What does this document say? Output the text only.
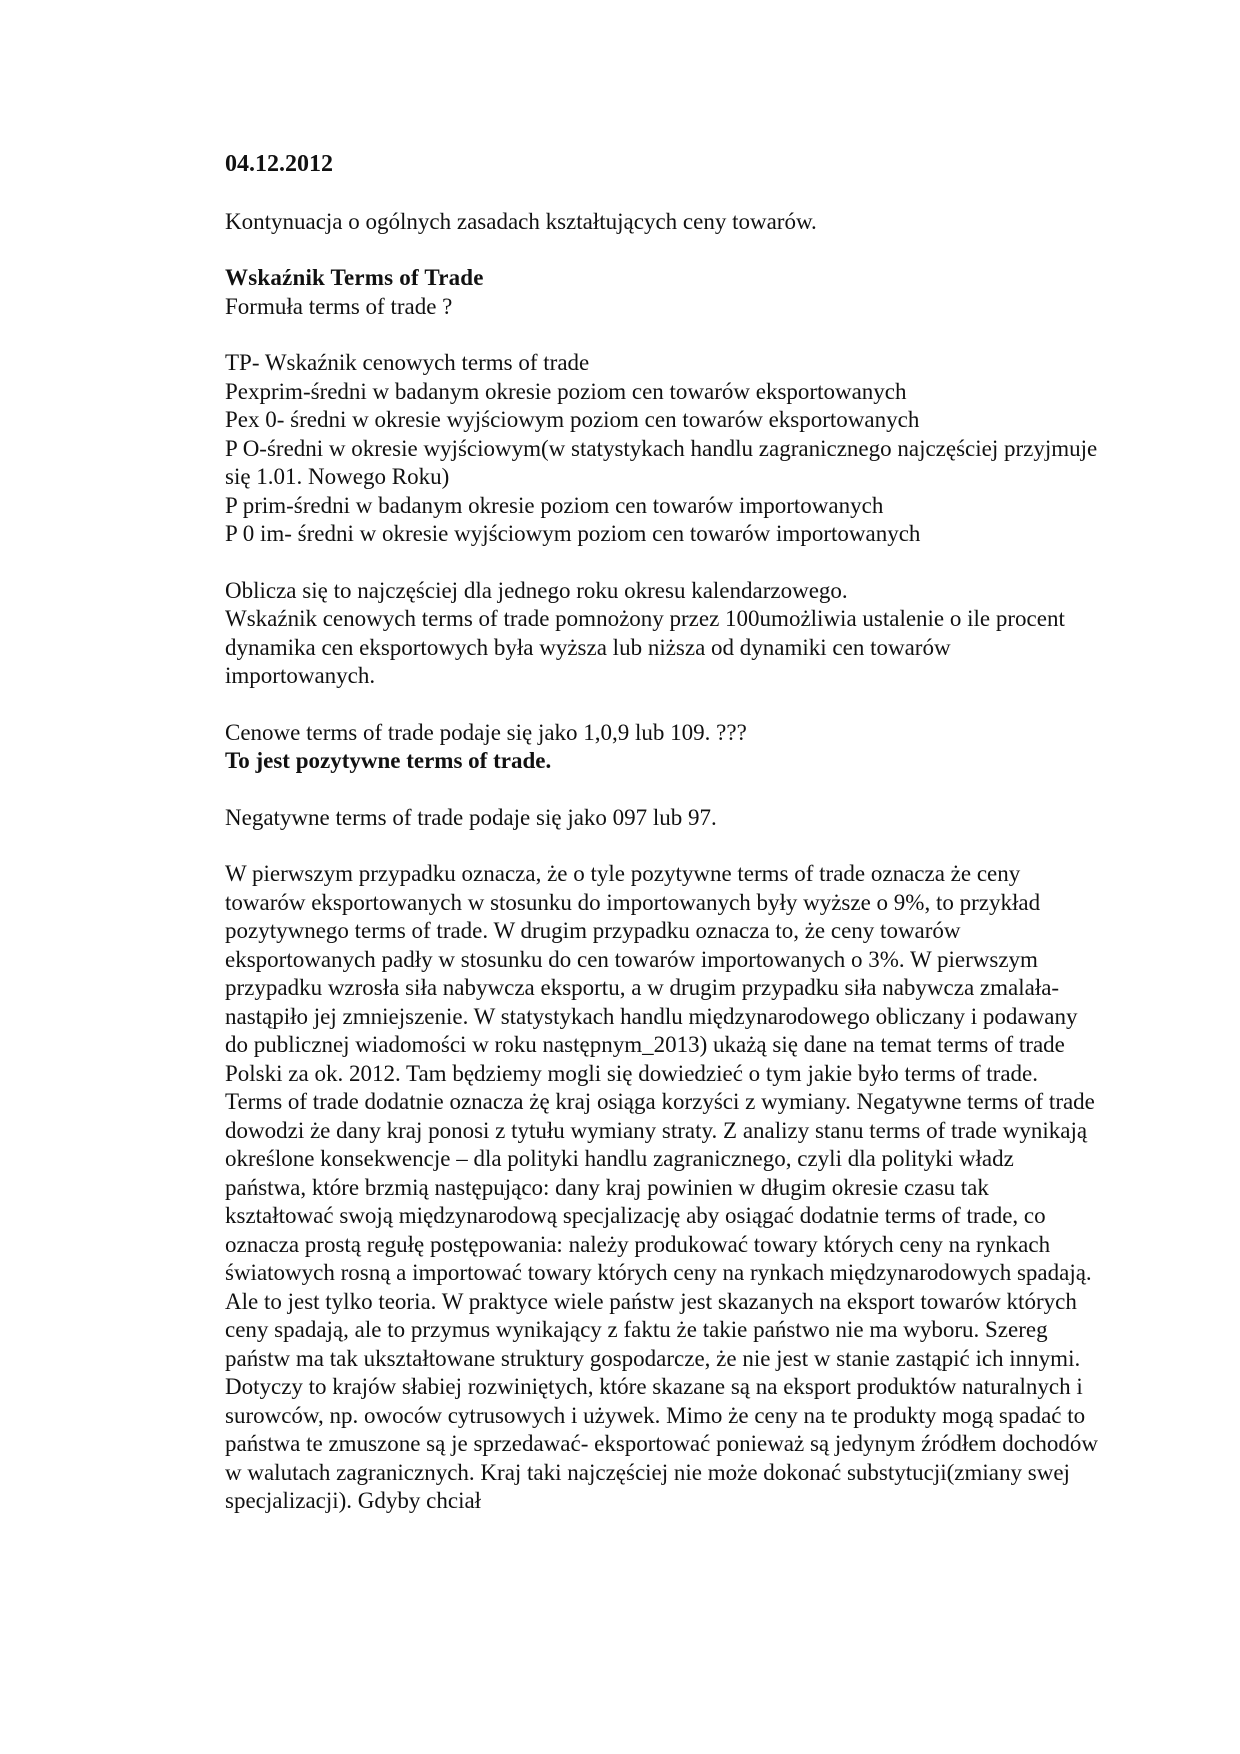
04.12.2012

Kontynuacja o ogólnych zasadach kształtujących ceny towarów.

Wskaźnik Terms of Trade

Formuła terms of trade ?

TP- Wskaźnik cenowych terms of trade
Pexprim-średni w badanym okresie poziom cen towarów eksportowanych
Pex 0- średni w okresie wyjściowym poziom cen towarów eksportowanych
P O-średni w okresie wyjściowym(w statystykach handlu zagranicznego najczęściej przyjmuje się 1.01. Nowego Roku)
P prim-średni w badanym okresie poziom cen towarów importowanych
P 0 im- średni w okresie wyjściowym poziom cen towarów importowanych

Oblicza się to najczęściej dla jednego roku okresu kalendarzowego.

Wskaźnik cenowych terms of trade pomnożony przez 100umożliwia ustalenie o ile procent dynamika cen eksportowych była wyższa lub niższa od dynamiki cen towarów importowanych.

Cenowe terms of trade podaje się jako 1,0,9 lub 109. ???

To jest pozytywne terms of trade.

Negatywne terms of trade podaje się jako 097 lub 97.

W pierwszym przypadku oznacza, że o tyle pozytywne terms of trade oznacza że ceny towarów eksportowanych w stosunku do importowanych były wyższe o 9%, to przykład pozytywnego terms of trade. W drugim przypadku oznacza to, że ceny towarów eksportowanych padły w stosunku do cen towarów importowanych o 3%. W pierwszym przypadku wzrosła siła nabywcza eksportu, a w drugim przypadku siła nabywcza zmalała- nastąpiło jej zmniejszenie. W statystykach handlu międzynarodowego obliczany i podawany do publicznej wiadomości w roku następnym_2013) ukażą się dane na temat terms of trade Polski za ok. 2012. Tam będziemy mogli się dowiedzieć o tym jakie było terms of trade. Terms of trade dodatnie oznacza żę kraj osiąga korzyści z wymiany. Negatywne terms of trade dowodzi że dany kraj ponosi z tytułu wymiany straty. Z analizy stanu terms of trade wynikają określone konsekwencje – dla polityki handlu zagranicznego, czyli dla polityki władz państwa, które brzmią następująco: dany kraj powinien w długim okresie czasu tak kształtować swoją międzynarodową specjalizację aby osiągać dodatnie terms of trade, co oznacza prostą regułę postępowania: należy produkować towary których ceny na rynkach światowych rosną a importować towary których ceny na rynkach międzynarodowych spadają. Ale to jest tylko teoria. W praktyce wiele państw jest skazanych na eksport towarów których ceny spadają, ale to przymus wynikający z faktu że takie państwo nie ma wyboru. Szereg państw ma tak ukształtowane struktury gospodarcze, że nie jest w stanie zastąpić ich innymi. Dotyczy to krajów słabiej rozwiniętych, które skazane są na eksport produktów naturalnych i surowców, np. owoców cytrusowych i używek. Mimo że ceny na te produkty mogą spadać to państwa te zmuszone są je sprzedawać- eksportować ponieważ są jedynym źródłem dochodów w walutach zagranicznych. Kraj taki najczęściej nie może dokonać substytucji(zmiany swej specjalizacji). Gdyby chciał
